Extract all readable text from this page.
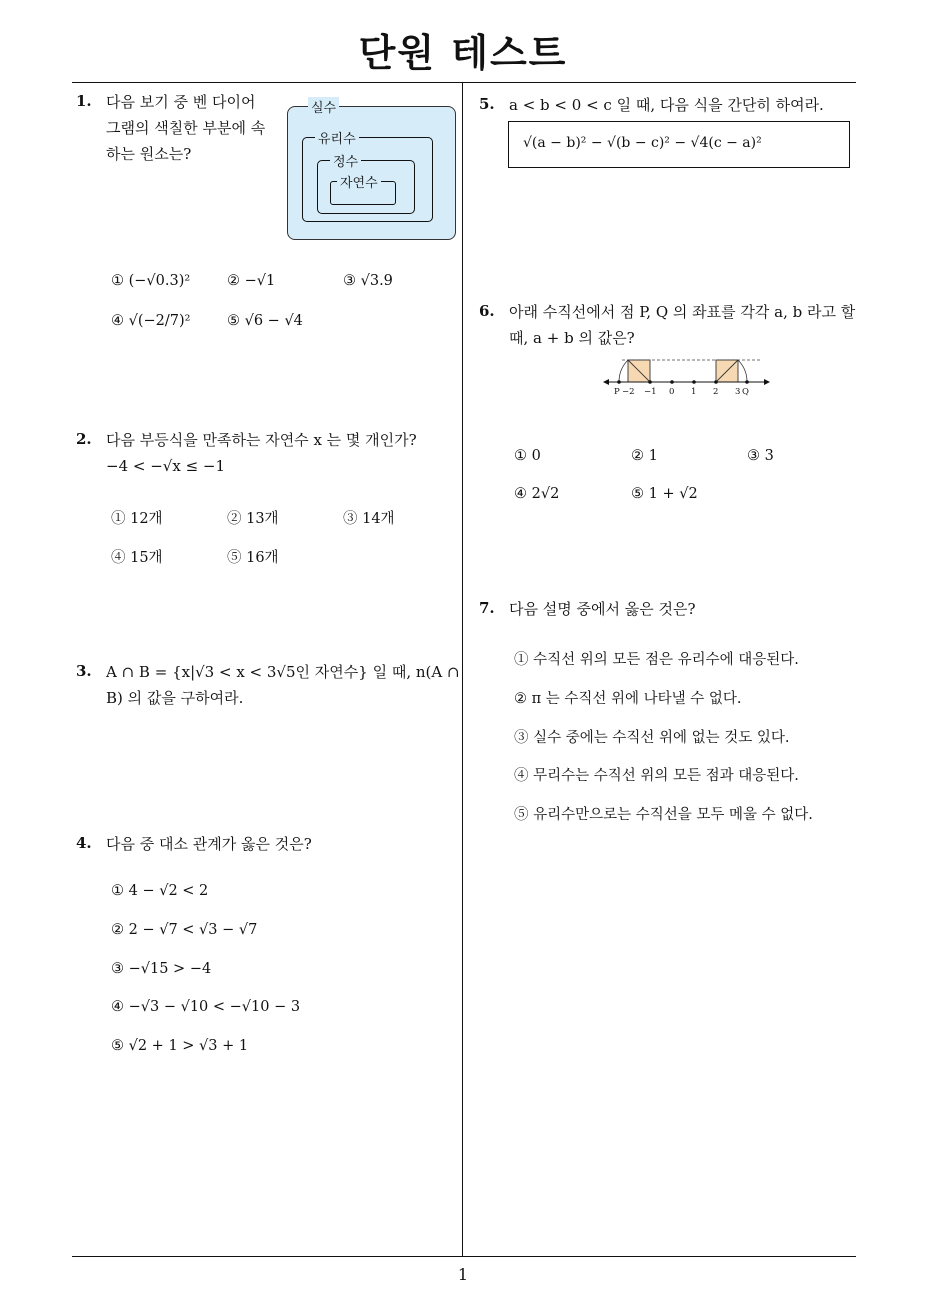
단원 테스트
1
1. 다음 보기 중 벤 다이어
그램의 색칠한 부분에 속
하는 원소는?
실수
유리수
정수
자연수
① (−√0.3)²	② −√1	③ √3.9
④ √(−2/7)²	⑤ √6 − √4
2. 다음 부등식을 만족하는 자연수 x 는 몇 개인가?
−4 < −√x ≤ −1
① 12개	② 13개	③ 14개
④ 15개	⑤ 16개
3. A ∩ B = {x|√3 < x < 3√5인 자연수} 일 때, n(A ∩
B) 의 값을 구하여라.
4. 다음 중 대소 관계가 옳은 것은?
① 4 − √2 < 2
② 2 − √7 < √3 − √7
③ −√15 > −4
④ −√3 − √10 < −√10 − 3
⑤ √2 + 1 > √3 + 1
5. a < b < 0 < c 일 때, 다음 식을 간단히 하여라.
√(a − b)² − √(b − c)² − √4(c − a)²
6. 아래 수직선에서 점 P, Q 의 좌표를 각각 a, b 라고 할
때, a + b 의 값은?
P −2 −1 0 1 2 3 Q
① 0	② 1	③ 3
④ 2√2	⑤ 1 + √2
7. 다음 설명 중에서 옳은 것은?
① 수직선 위의 모든 점은 유리수에 대응된다.
② π 는 수직선 위에 나타낼 수 없다.
③ 실수 중에는 수직선 위에 없는 것도 있다.
④ 무리수는 수직선 위의 모든 점과 대응된다.
⑤ 유리수만으로는 수직선을 모두 메울 수 없다.
